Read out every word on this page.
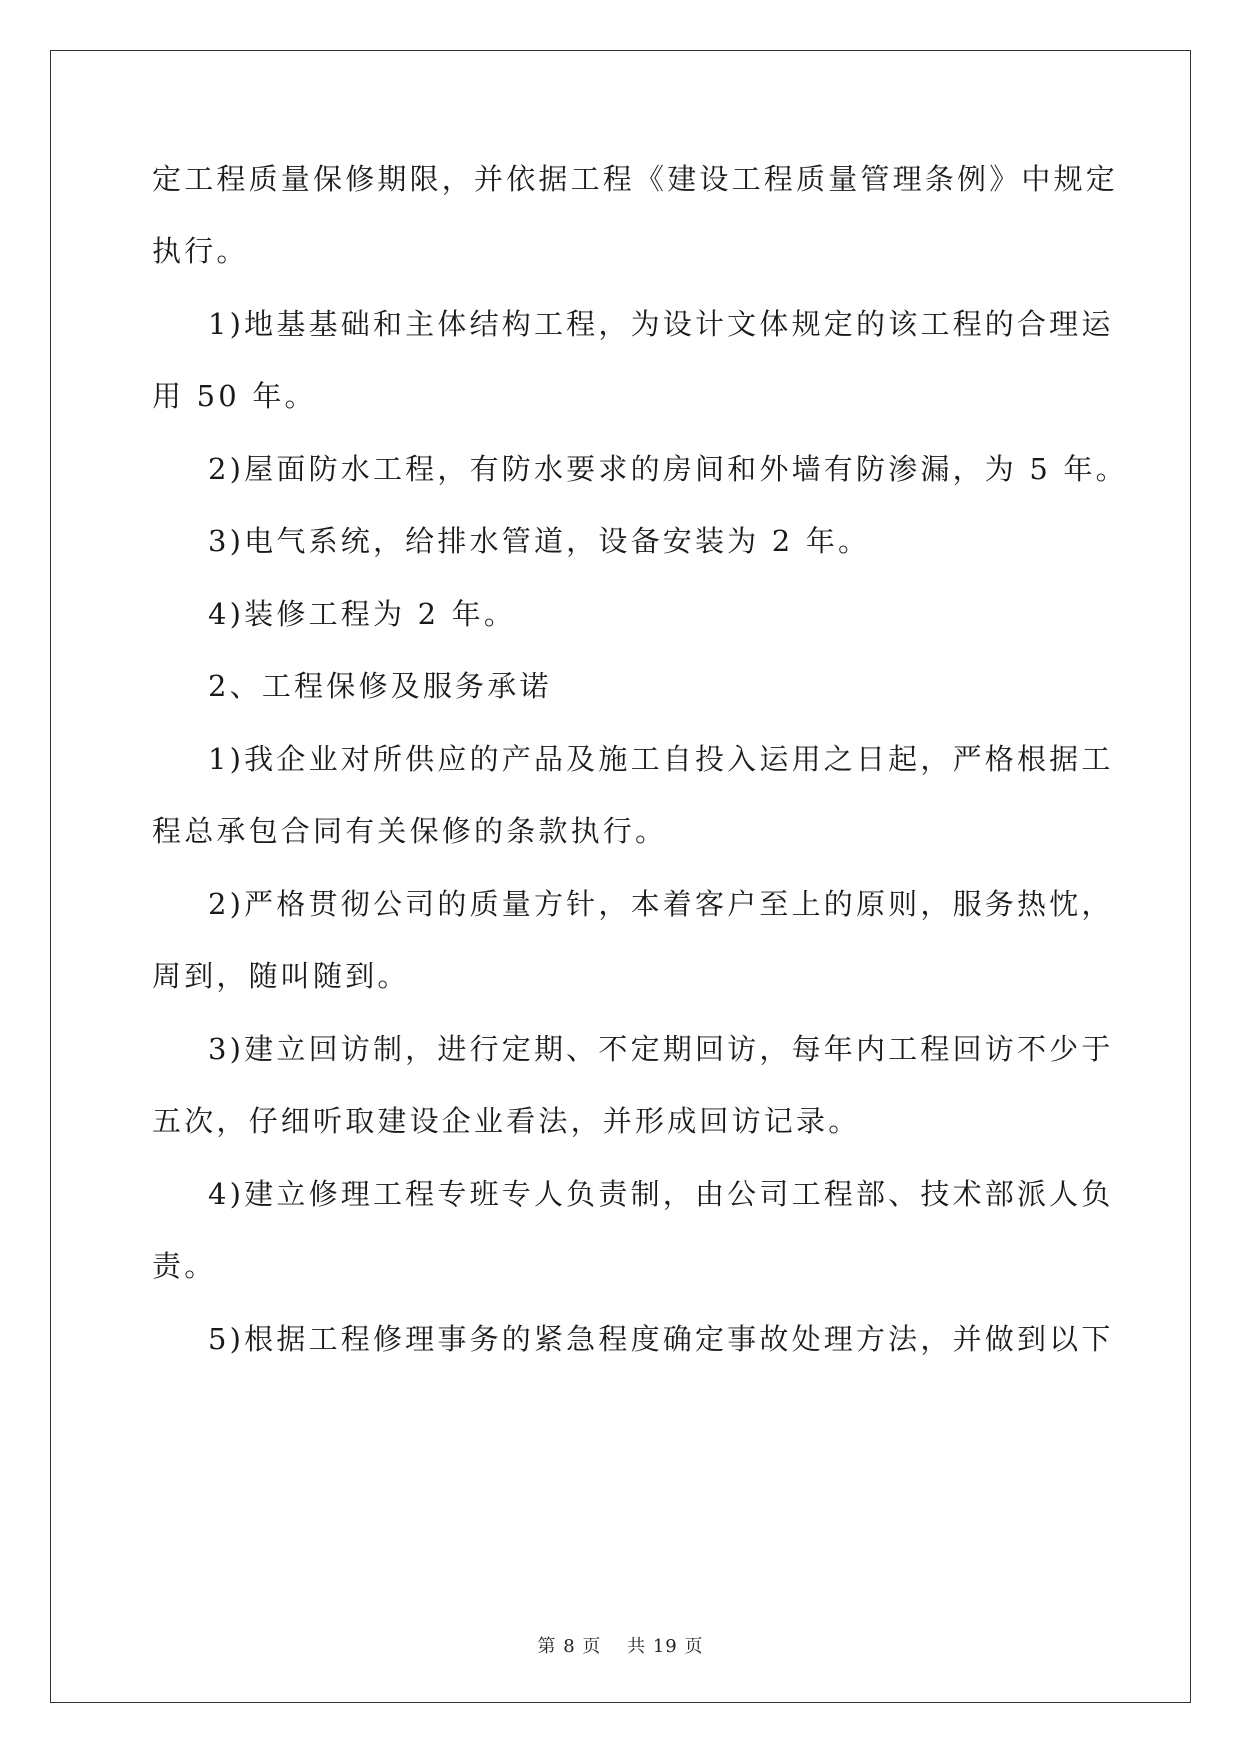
定工程质量保修期限，并依据工程《建设工程质量管理条例》中规定
执行。
1)地基基础和主体结构工程，为设计文体规定的该工程的合理运
用 50 年。
2)屋面防水工程，有防水要求的房间和外墙有防渗漏，为 5 年。
3)电气系统，给排水管道，设备安装为 2 年。
4)装修工程为 2 年。
2、工程保修及服务承诺
1)我企业对所供应的产品及施工自投入运用之日起，严格根据工
程总承包合同有关保修的条款执行。
2)严格贯彻公司的质量方针，本着客户至上的原则，服务热忱，
周到，随叫随到。
3)建立回访制，进行定期、不定期回访，每年内工程回访不少于
五次，仔细听取建设企业看法，并形成回访记录。
4)建立修理工程专班专人负责制，由公司工程部、技术部派人负
责。
5)根据工程修理事务的紧急程度确定事故处理方法，并做到以下
第 8 页　 共 19 页
